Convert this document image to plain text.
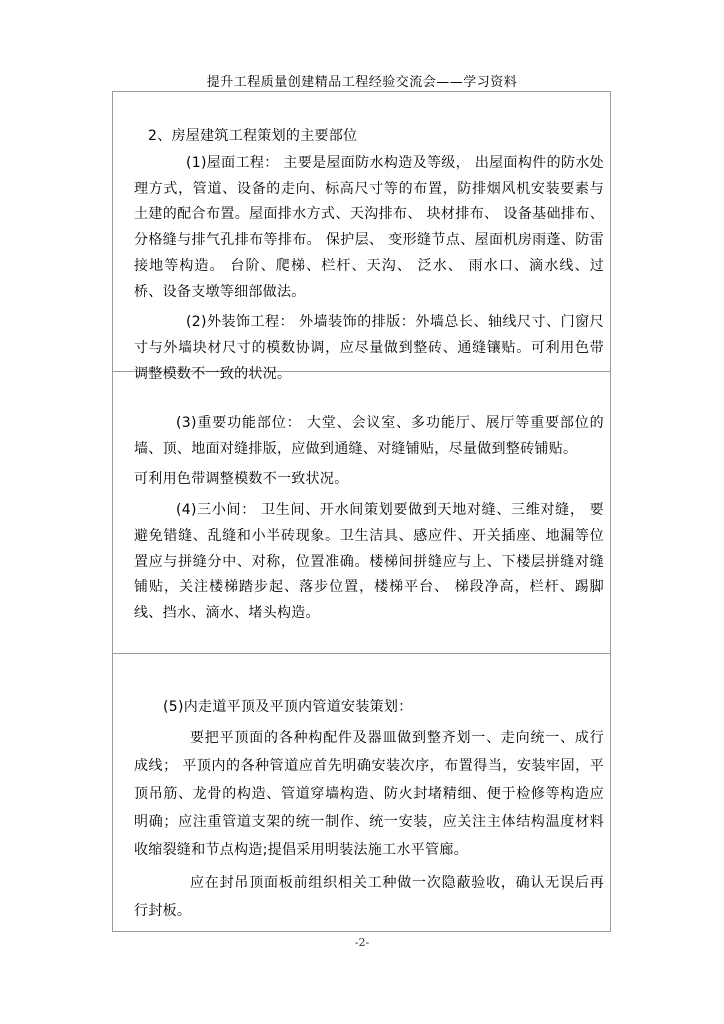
提升工程质量创建精品工程经验交流会——学习资料

2、房屋建筑工程策划的主要部位

(1)屋面工程： 主要是屋面防水构造及等级， 出屋面构件的防水处理方式，管道、设备的走向、标高尺寸等的布置，防排烟风机安装要素与土建的配合布置。屋面排水方式、天沟排布、 块材排布、 设备基础排布、分格缝与排气孔排布等排布。 保护层、 变形缝节点、屋面机房雨蓬、防雷接地等构造。 台阶、爬梯、栏杆、天沟、 泛水、 雨水口、滴水线、过桥、设备支墩等细部做法。

(2)外装饰工程： 外墙装饰的排版：外墙总长、轴线尺寸、门窗尺寸与外墙块材尺寸的模数协调，应尽量做到整砖、通缝镶贴。可利用色带调整模数不一致的状况。

(3)重要功能部位： 大堂、会议室、多功能厅、展厅等重要部位的墙、顶、地面对缝排版，应做到通缝、对缝铺贴，尽量做到整砖铺贴。

可利用色带调整模数不一致状况。

(4)三小间： 卫生间、开水间策划要做到天地对缝、三维对缝， 要避免错缝、乱缝和小半砖现象。卫生洁具、感应件、开关插座、地漏等位置应与拼缝分中、对称，位置准确。楼梯间拼缝应与上、下楼层拼缝对缝铺贴，关注楼梯踏步起、落步位置，楼梯平台、 梯段净高，栏杆、踢脚线、挡水、滴水、堵头构造。

(5)内走道平顶及平顶内管道安装策划：

要把平顶面的各种构配件及器皿做到整齐划一、走向统一、成行成线； 平顶内的各种管道应首先明确安装次序，布置得当，安装牢固，平顶吊筋、龙骨的构造、管道穿墙构造、防火封堵精细、便于检修等构造应明确；应注重管道支架的统一制作、统一安装，应关注主体结构温度材料收缩裂缝和节点构造;提倡采用明装法施工水平管廊。

应在封吊顶面板前组织相关工种做一次隐蔽验收，确认无误后再行封板。

-2-
